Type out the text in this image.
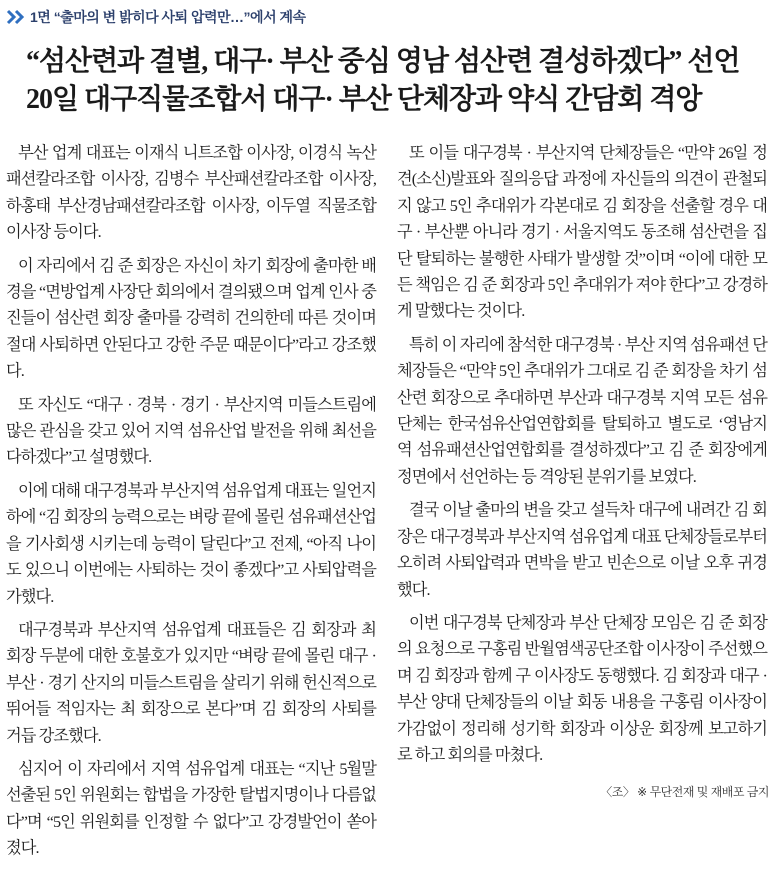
1면 “출마의 변 밝히다 사퇴 압력만…”에서 계속
“섬산련과 결별, 대구· 부산 중심 영남 섬산련 결성하겠다” 선언
20일 대구직물조합서 대구· 부산 단체장과 약식 간담회 격앙

부산 업계 대표는 이재식 니트조합 이사장, 이경식 녹산패션칼라조합 이사장, 김병수 부산패션칼라조합 이사장, 하홍태 부산경남패션칼라조합 이사장, 이두열 직물조합 이사장 등이다.

이 자리에서 김 준 회장은 자신이 차기 회장에 출마한 배경을 “면방업계 사장단 회의에서 결의됐으며 업계 인사 중진들이 섬산련 회장 출마를 강력히 건의한데 따른 것이며 절대 사퇴하면 안된다고 강한 주문 때문이다”라고 강조했다.

또 자신도 “대구 · 경북 · 경기 · 부산지역 미들스트림에 많은 관심을 갖고 있어 지역 섬유산업 발전을 위해 최선을 다하겠다”고 설명했다.

이에 대해 대구경북과 부산지역 섬유업계 대표는 일언지하에 “김 회장의 능력으로는 벼랑 끝에 몰린 섬유패션산업을 기사회생 시키는데 능력이 달린다”고 전제, “아직 나이도 있으니 이번에는 사퇴하는 것이 좋겠다”고 사퇴압력을 가했다.

대구경북과 부산지역 섬유업계 대표들은 김 회장과 최 회장 두분에 대한 호불호가 있지만 “벼랑 끝에 몰린 대구 · 부산 · 경기 산지의 미들스트림을 살리기 위해 헌신적으로 뛰어들 적임자는 최 회장으로 본다”며 김 회장의 사퇴를 거듭 강조했다.

심지어 이 자리에서 지역 섬유업계 대표는 “지난 5월말 선출된 5인 위원회는 합법을 가장한 탈법지명이나 다름없다”며 “5인 위원회를 인정할 수 없다”고 강경발언이 쏟아졌다.

또 이들 대구경북 · 부산지역 단체장들은 “만약 26일 정견(소신)발표와 질의응답 과정에 자신들의 의견이 관철되지 않고 5인 추대위가 각본대로 김 회장을 선출할 경우 대구 · 부산뿐 아니라 경기 · 서울지역도 동조해 섬산련을 집단 탈퇴하는 불행한 사태가 발생할 것”이며 “이에 대한 모든 책임은 김 준 회장과 5인 추대위가 져야 한다”고 강경하게 말했다는 것이다.

특히 이 자리에 참석한 대구경북 · 부산 지역 섬유패션 단체장들은 “만약 5인 추대위가 그대로 김 준 회장을 차기 섬산련 회장으로 추대하면 부산과 대구경북 지역 모든 섬유단체는 한국섬유산업연합회를 탈퇴하고 별도로 ‘영남지역 섬유패션산업연합회를 결성하겠다”고 김 준 회장에게 정면에서 선언하는 등 격앙된 분위기를 보였다.

결국 이날 출마의 변을 갖고 설득차 대구에 내려간 김 회장은 대구경북과 부산지역 섬유업계 대표 단체장들로부터 오히려 사퇴압력과 면박을 받고 빈손으로 이날 오후 귀경했다.

이번 대구경북 단체장과 부산 단체장 모임은 김 준 회장의 요청으로 구홍림 반월염색공단조합 이사장이 주선했으며 김 회장과 함께 구 이사장도 동행했다. 김 회장과 대구 · 부산 양대 단체장들의 이날 회동 내용을 구홍림 이사장이 가감없이 정리해 성기학 회장과 이상운 회장께 보고하기로 하고 회의를 마쳤다.

〈조〉 ※ 무단전재 및 재배포 금지
